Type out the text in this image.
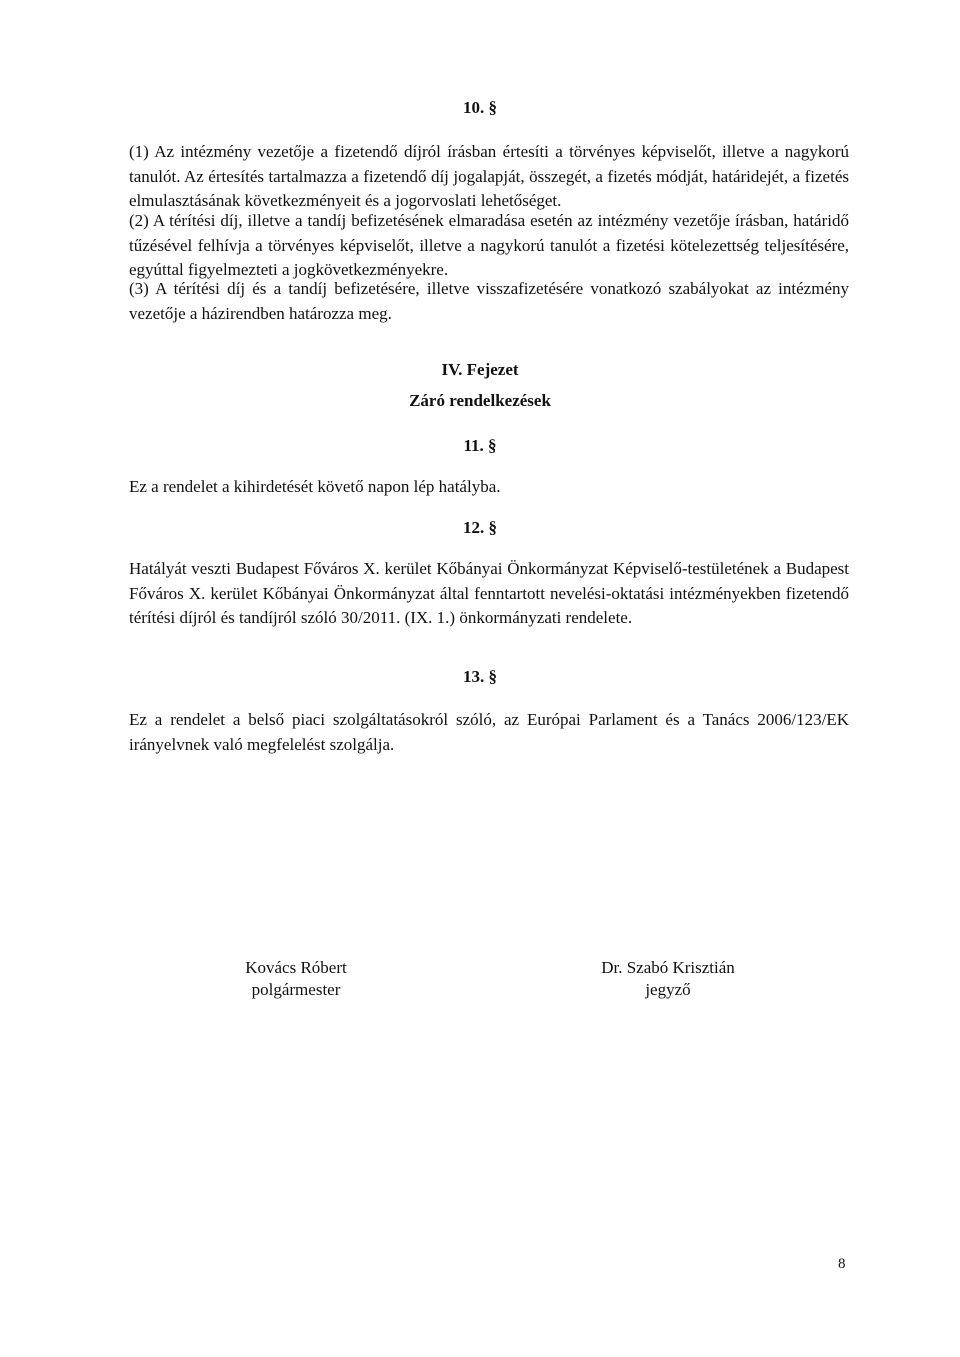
10. §

(1) Az intézmény vezetője a fizetendő díjról írásban értesíti a törvényes képviselőt, illetve a nagykorú tanulót. Az értesítés tartalmazza a fizetendő díj jogalapját, összegét, a fizetés módját, határidejét, a fizetés elmulasztásának következményeit és a jogorvoslati lehetőséget.

(2) A térítési díj, illetve a tandíj befizetésének elmaradása esetén az intézmény vezetője írásban, határidő tűzésével felhívja a törvényes képviselőt, illetve a nagykorú tanulót a fizetési kötelezettség teljesítésére, egyúttal figyelmezteti a jogkövetkezményekre.

(3) A térítési díj és a tandíj befizetésére, illetve visszafizetésére vonatkozó szabályokat az intézmény vezetője a házirendben határozza meg.

IV. Fejezet
Záró rendelkezések
11. §

Ez a rendelet a kihirdetését követő napon lép hatályba.

12. §

Hatályát veszti Budapest Főváros X. kerület Kőbányai Önkormányzat Képviselő-testületének a Budapest Főváros X. kerület Kőbányai Önkormányzat által fenntartott nevelési-oktatási intézményekben fizetendő térítési díjról és tandíjról szóló 30/2011. (IX. 1.) önkormányzati rendelete.

13. §

Ez a rendelet a belső piaci szolgáltatásokról szóló, az Európai Parlament és a Tanács 2006/123/EK irányelvnek való megfelelést szolgálja.

Kovács Róbert
polgármester
Dr. Szabó Krisztián
jegyző
8
